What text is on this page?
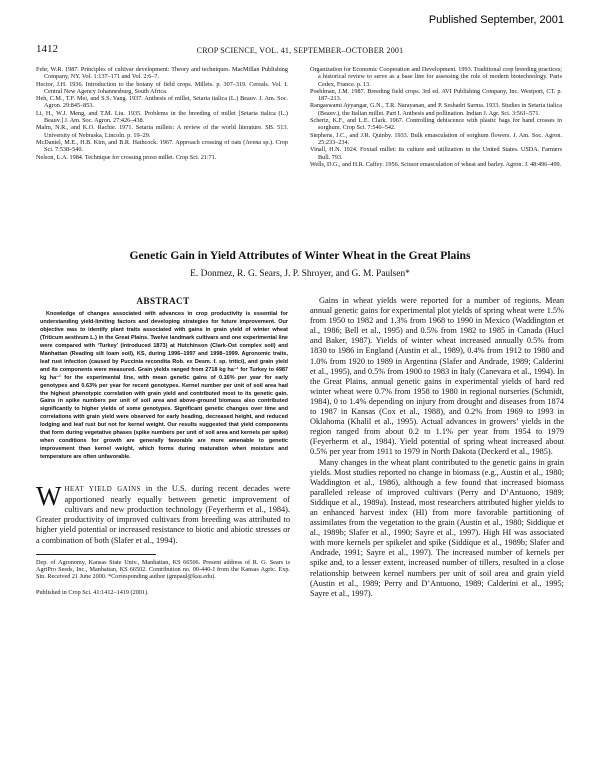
Published September, 2001
1412	CROP SCIENCE, VOL. 41, SEPTEMBER–OCTOBER 2001

Fehr, W.R. 1987. Principles of cultivar development: Theory and techniques. MacMillan Publishing Company, NY. Vol. 1:137–171 and Vol. 2:6–7.

Hector, J.H. 1936. Introduction to the botany of field crops. Millets. p. 307–319. Cereals. Vol. I. Central New Agency Johannesburg, South Africa.

Heh, C.M., T.F. Mei, and S.S. Yang. 1937. Anthesis of millet, Setaria italica (L.) Beauv. J. Am. Soc. Agron. 29:845–853.

Li, H., W.J. Meng, and T.M. Liu. 1935. Problems in the breeding of millet [Setaria italica (L.) Beauv.] J. Am. Soc. Agron. 27:426–438.

Malm, N.R., and K.O. Rachie. 1971. Setaria millets: A review of the world literature. SB. 513. University of Nebraska, Lincoln. p. 19–29.

McDaniel, M.E., H.B. Kim, and B.R. Hathcock. 1967. Approach crossing of oats (Avena sp.). Crop Sci. 7:538–540.

Nelson, L.A. 1984. Technique for crossing proso millet. Crop Sci. 21:71.

Organization for Economic Cooperation and Development. 1993. Traditional crop breeding practices; a historical review to serve as a base line for assessing the role of modern biotechnology. Paris Cedex, France. p. 13.

Poehlman, J.M. 1987. Breeding field crops. 3rd ed. AVI Publishing Company, Inc. Westport, CT. p. 187–213.

Rangaswami Ayyangar, G.N., T.R. Narayanan, and P. Seshadri Sarma. 1933. Studies in Setaria italica (Beauv.), the Italian millet. Part I. Anthesis and pollination. Indian J. Agr. Sci. 3:561–571.

Schertz, K.F., and L.E. Clark. 1967. Controlling dehiscence with plastic bags for hand crosses in sorghum. Crop Sci. 7:540–542.

Stephens, J.C., and J.R. Quinby. 1933. Bulk emasculation of sorghum flowers. J. Am. Soc. Agron. 25:233–234.

Vinall, H.N. 1924. Foxtail millet: its culture and utilization in the United States. USDA. Farmers Bull. 793.

Wells, D.G., and H.R. Caffey. 1956. Scissor emasculation of wheat and barley. Agron. J. 48:496–499.

Genetic Gain in Yield Attributes of Winter Wheat in the Great Plains
E. Donmez, R. G. Sears, J. P. Shroyer, and G. M. Paulsen*

ABSTRACT

Knowledge of changes associated with advances in crop productivity is essential for understanding yield-limiting factors and developing strategies for future improvement. Our objective was to identify plant traits associated with gains in grain yield of winter wheat (Triticum aestivum L.) in the Great Plains. Twelve landmark cultivars and one experimental line were compared with ‘Turkey’ (introduced 1873) at Hutchinson (Clark-Ost complex soil) and Manhattan (Reading silt loam soil), KS, during 1996–1997 and 1998–1999. Agronomic traits, leaf rust infection (caused by Puccinia recondita Rob. ex Desm. f. sp. tritici), and grain yield and its components were measured. Grain yields ranged from 2718 kg ha⁻¹ for Turkey to 4987 kg ha⁻¹ for the experimental line, with mean genetic gains of 0.16% per year for early genotypes and 0.63% per year for recent genotypes. Kernel number per unit of soil area had the highest phenotypic correlation with grain yield and contributed most to its genetic gain. Gains in spike numbers per unit of soil area and above-ground biomass also contributed significantly to higher yields of some genotypes. Significant genetic changes over time and correlations with grain yield were observed for early heading, decreased height, and reduced lodging and leaf rust but not for kernel weight. Our results suggested that yield components that form during vegetative phases (spike numbers per unit of soil area and kernels per spike) when conditions for growth are generally favorable are more amenable to genetic improvement than kernel weight, which forms during maturation when moisture and temperature are often unfavorable.

WHEAT YIELD GAINS in the U.S. during recent decades were apportioned nearly equally between genetic improvement of cultivars and new production technology (Feyerherm et al., 1984). Greater productivity of improved cultivars from breeding was attributed to higher yield potential or increased resistance to biotic and abiotic stresses or a combination of both (Slafer et al., 1994).

Dep. of Agronomy, Kansas State Univ., Manhattan, KS 66506. Present address of R. G. Sears is AgriPro Seeds, Inc., Manhattan, KS 66502. Contribution no. 00-440-J from the Kansas Agric. Exp. Stn. Received 21 June 2000. *Corresponding author (gmpaul@ksu.edu).

Published in Crop Sci. 41:1412–1419 (2001).

Gains in wheat yields were reported for a number of regions. Mean annual genetic gains for experimental plot yields of spring wheat were 1.5% from 1950 to 1982 and 1.3% from 1968 to 1990 in Mexico (Waddington et al., 1986; Bell et al., 1995) and 0.5% from 1982 to 1985 in Canada (Hucl and Baker, 1987). Yields of winter wheat increased annually 0.5% from 1830 to 1986 in England (Austin et al., 1989), 0.4% from 1912 to 1980 and 1.0% from 1920 to 1989 in Argentina (Slafer and Andrade, 1989; Calderini et al., 1995), and 0.5% from 1900 to 1983 in Italy (Canevara et al., 1994). In the Great Plains, annual genetic gains in experimental yields of hard red winter wheat were 0.7% from 1958 to 1980 in regional nurseries (Schmidt, 1984), 0 to 1.4% depending on injury from drought and diseases from 1874 to 1987 in Kansas (Cox et al., 1988), and 0.2% from 1969 to 1993 in Oklahoma (Khalil et al., 1995). Actual advances in growers’ yields in the region ranged from about 0.2 to 1.1% per year from 1954 to 1979 (Feyerherm et al., 1984). Yield potential of spring wheat increased about 0.5% per year from 1911 to 1979 in North Dakota (Deckerd et al., 1985).

Many changes in the wheat plant contributed to the genetic gains in grain yields. Most studies reported no change in biomass (e.g., Austin et al., 1980; Waddington et al., 1986), although a few found that increased biomass paralleled release of improved cultivars (Perry and D’Antuono, 1989; Siddique et al., 1989a). Instead, most researchers attributed higher yields to an enhanced harvest index (HI) from more favorable partitioning of assimilates from the vegetation to the grain (Austin et al., 1980; Siddique et al., 1989b; Slafer et al., 1990; Sayre et al., 1997). High HI was associated with more kernels per spikelet and spike (Siddique et al., 1989b; Slafer and Andrade, 1991; Sayre et al., 1997). The increased number of kernels per spike and, to a lesser extent, increased number of tillers, resulted in a close relationship between kernel numbers per unit of soil area and grain yield (Austin et al., 1989; Perry and D’Antuono, 1989; Calderini et al., 1995; Sayre et al., 1997).
